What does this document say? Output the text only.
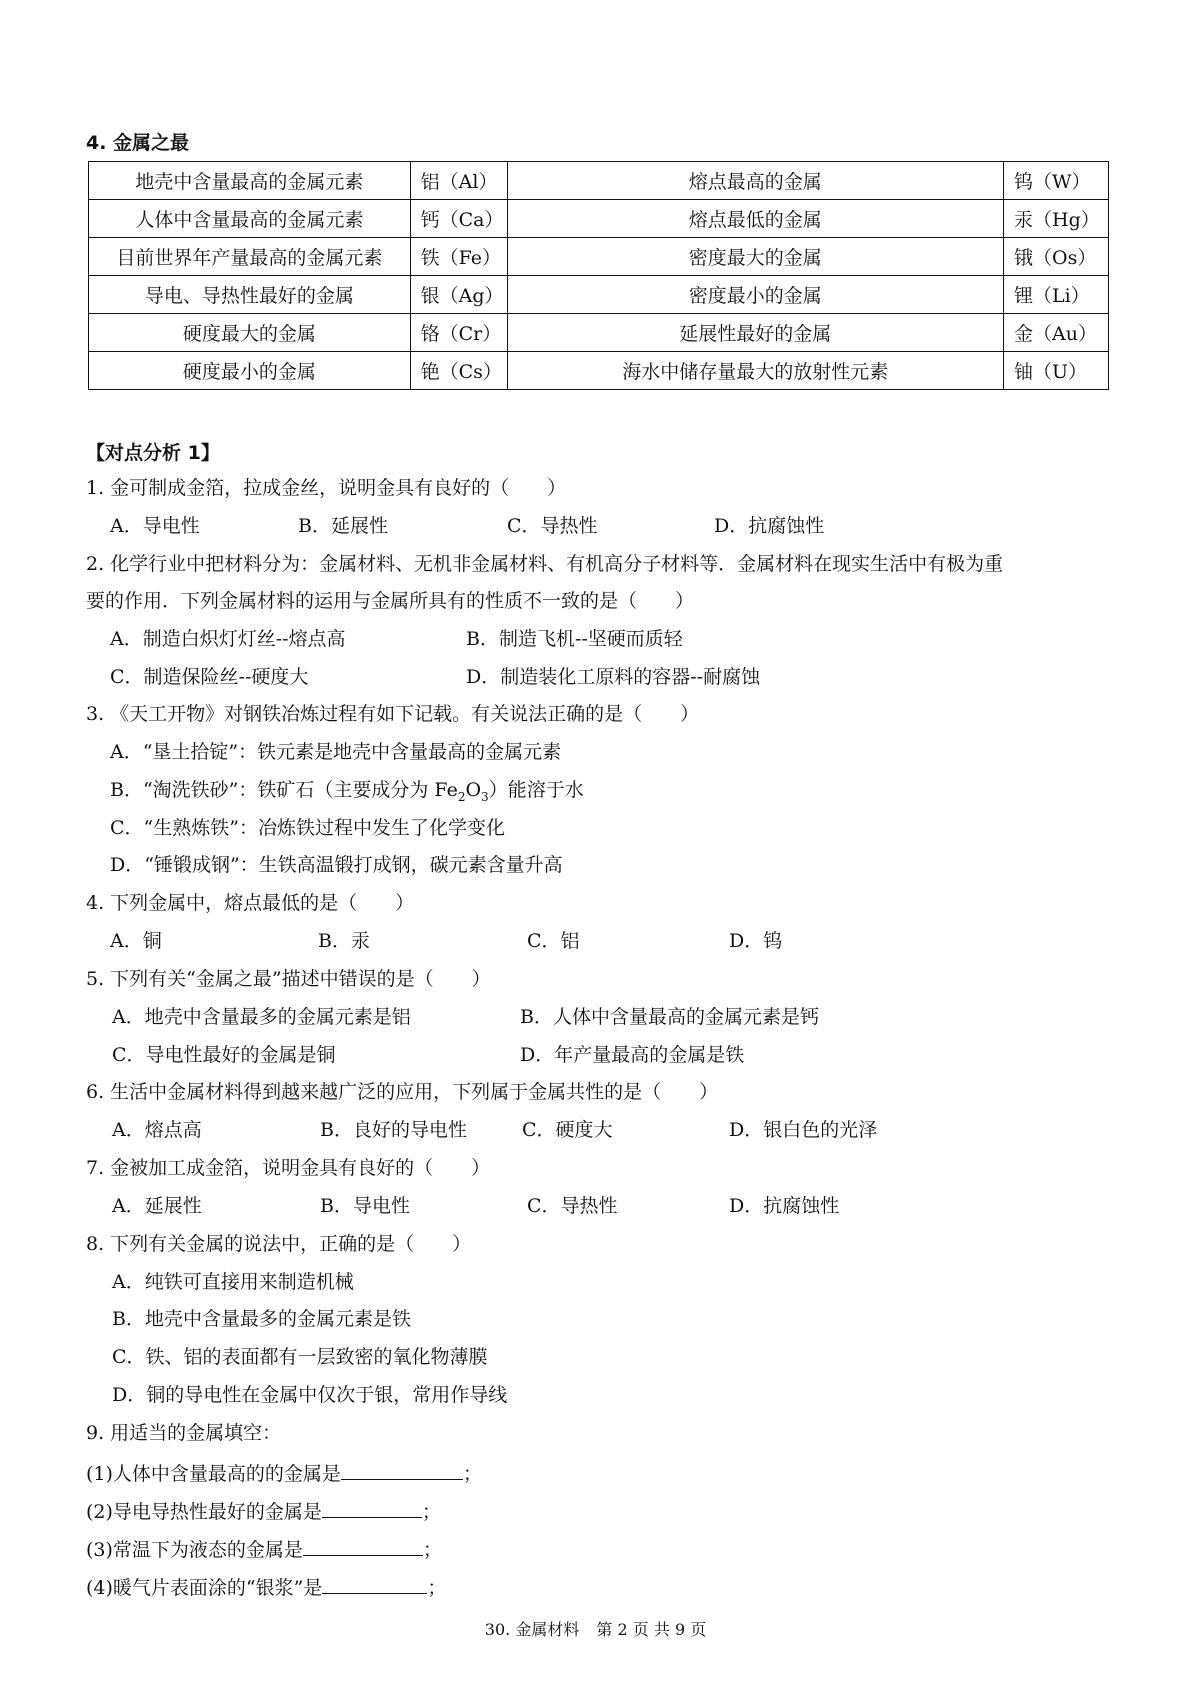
4. 金属之最
地壳中含量最高的金属元素	铝（Al）	熔点最高的金属	钨（W）
人体中含量最高的金属元素	钙（Ca）	熔点最低的金属	汞（Hg）
目前世界年产量最高的金属元素	铁（Fe）	密度最大的金属	锇（Os）
导电、导热性最好的金属	银（Ag）	密度最小的金属	锂（Li）
硬度最大的金属	铬（Cr）	延展性最好的金属	金（Au）
硬度最小的金属	铯（Cs）	海水中储存量最大的放射性元素	铀（U）
【对点分析 1】
1. 金可制成金箔，拉成金丝，说明金具有良好的（　　）
A．导电性	B．延展性	C．导热性	D．抗腐蚀性
2. 化学行业中把材料分为：金属材料、无机非金属材料、有机高分子材料等．金属材料在现实生活中有极为重
要的作用．下列金属材料的运用与金属所具有的性质不一致的是（　　）
A．制造白炽灯灯丝--熔点高	B．制造飞机--坚硬而质轻
C．制造保险丝--硬度大	D．制造装化工原料的容器--耐腐蚀
3. 《天工开物》对钢铁冶炼过程有如下记载。有关说法正确的是（　　）
A．“垦土拾锭”：铁元素是地壳中含量最高的金属元素
B．“淘洗铁砂”：铁矿石（主要成分为 $Fe_2O_3$）能溶于水
C．“生熟炼铁”：冶炼铁过程中发生了化学变化
D．“锤锻成钢”：生铁高温锻打成钢，碳元素含量升高
4. 下列金属中，熔点最低的是（　　）
A．铜	B．汞	C．铝	D．钨
5. 下列有关“金属之最”描述中错误的是（　　）
A．地壳中含量最多的金属元素是铝	B．人体中含量最高的金属元素是钙
C．导电性最好的金属是铜	D．年产量最高的金属是铁
6. 生活中金属材料得到越来越广泛的应用，下列属于金属共性的是（　　）
A．熔点高	B．良好的导电性	C．硬度大	D．银白色的光泽
7. 金被加工成金箔，说明金具有良好的（　　）
A．延展性	B．导电性	C．导热性	D．抗腐蚀性
8. 下列有关金属的说法中，正确的是（　　）
A．纯铁可直接用来制造机械
B．地壳中含量最多的金属元素是铁
C．铁、铝的表面都有一层致密的氧化物薄膜
D．铜的导电性在金属中仅次于银，常用作导线
9. 用适当的金属填空：
(1)人体中含量最高的的金属是	；
(2)导电导热性最好的金属是	；
(3)常温下为液态的金属是	；
(4)暖气片表面涂的“银浆”是	；
30. 金属材料 第 2 页 共 9 页
